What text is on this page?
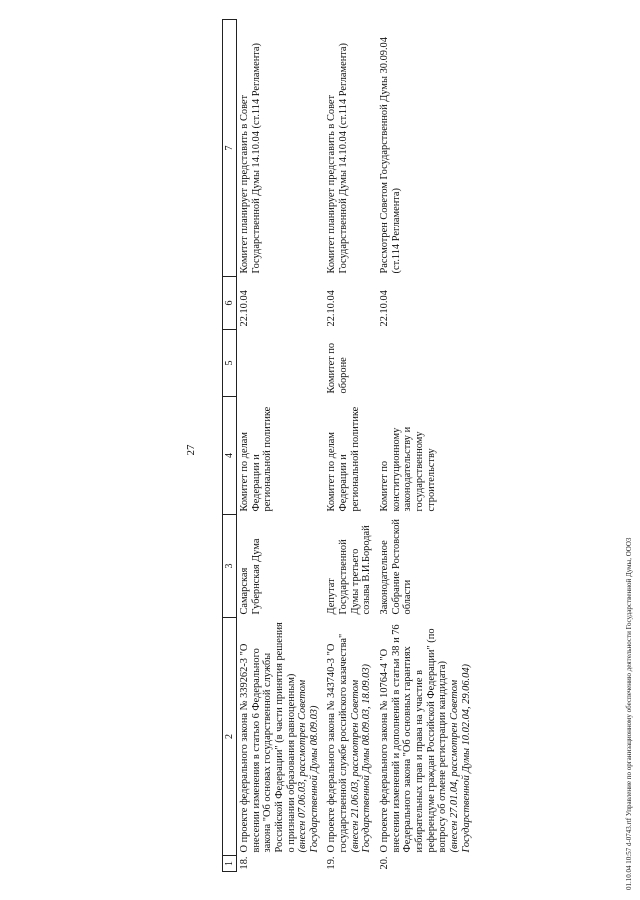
27
1	2	3	4	5	6	7
18.	О проекте федерального закона № 339262-3 "О внесении изменения в статью 6 Федерального закона "Об основах государственной службы Российской Федерации" (в части принятия решения о признании образования равноценным) (внесен 07.06.03, рассмотрен Советом Государственной Думы 08.09.03)	Самарская Губернская Дума	Комитет по делам Федерации и региональной политике		22.10.04	Комитет планирует представить в Совет Государственной Думы 14.10.04 (ст.114 Регламента)
19.	О проекте федерального закона № 343740-3 "О государственной службе российского казачества" (внесен 21.06.03, рассмотрен Советом Государственной Думы 08.09.03, 18.09.03)	Депутат Государственной Думы третьего созыва В.И.Бородай	Комитет по делам Федерации и региональной политике	Комитет по обороне	22.10.04	Комитет планирует представить в Совет Государственной Думы 14.10.04 (ст.114 Регламента)
20.	О проекте федерального закона № 10764-4 "О внесении изменений и дополнений в статьи 38 и 76 Федерального закона "Об основных гарантиях избирательных прав и права на участие в референдуме граждан Российской Федерации" (по вопросу об отмене регистрации кандидата) (внесен 27.01.04, рассмотрен Советом Государственной Думы 10.02.04, 29.06.04)	Законодательное Собрание Ростовской области	Комитет по конституционному законодательству и государственному строительству		22.10.04	Рассмотрен Советом Государственной Думы 30.09.04 (ст.114 Регламента)
01.10.04 10:57 d-0743.rtf Управление по организационному обеспечению деятельности Государственной Думы, ООО3
